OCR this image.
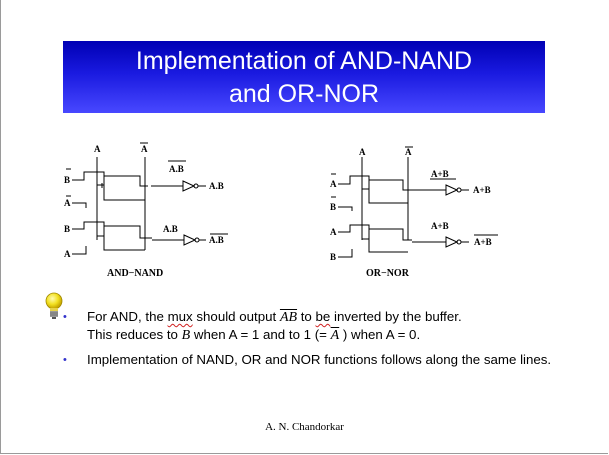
Implementation of AND-NAND
and OR-NOR
A	A
B
A
B
A
A.B
A.B
A.B
A.B
AND−NAND
A	A
A
B
A
B
A+B
A+B
A+B
A+B
OR−NOR
• For AND, the mux should output $\overline{AB}$ to be inverted by the buffer.
This reduces to B when A = 1 and to 1 (= $\overline{A}$ ) when A = 0.
• Implementation of NAND, OR and NOR functions follows along the same lines.
A. N. Chandorkar
